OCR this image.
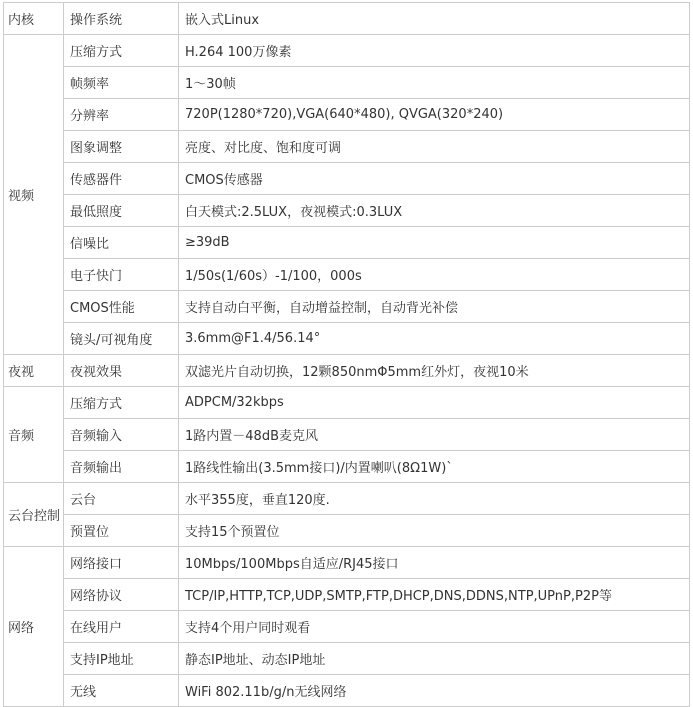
内核	操作系统	嵌入式Linux
视频	压缩方式	H.264 100万像素
	帧频率	1～30帧
	分辨率	720P(1280*720),VGA(640*480), QVGA(320*240)
	图象调整	亮度、对比度、饱和度可调
	传感器件	CMOS传感器
	最低照度	白天模式:2.5LUX，夜视模式:0.3LUX
	信噪比	≥39dB
	电子快门	1/50s(1/60s）-1/100，000s
	CMOS性能	支持自动白平衡，自动增益控制，自动背光补偿
	镜头/可视角度	3.6mm@F1.4/56.14°
夜视	夜视效果	双滤光片自动切换，12颗850nmΦ5mm红外灯，夜视10米
音频	压缩方式	ADPCM/32kbps
	音频输入	1路内置－48dB麦克风
	音频输出	1路线性输出(3.5mm接口)/内置喇叭(8Ω1W)`
云台控制	云台	水平355度，垂直120度.
	预置位	支持15个预置位
网络	网络接口	10Mbps/100Mbps自适应/RJ45接口
	网络协议	TCP/IP,HTTP,TCP,UDP,SMTP,FTP,DHCP,DNS,DDNS,NTP,UPnP,P2P等
	在线用户	支持4个用户同时观看
	支持IP地址	静态IP地址、动态IP地址
	无线	WiFi 802.11b/g/n无线网络
